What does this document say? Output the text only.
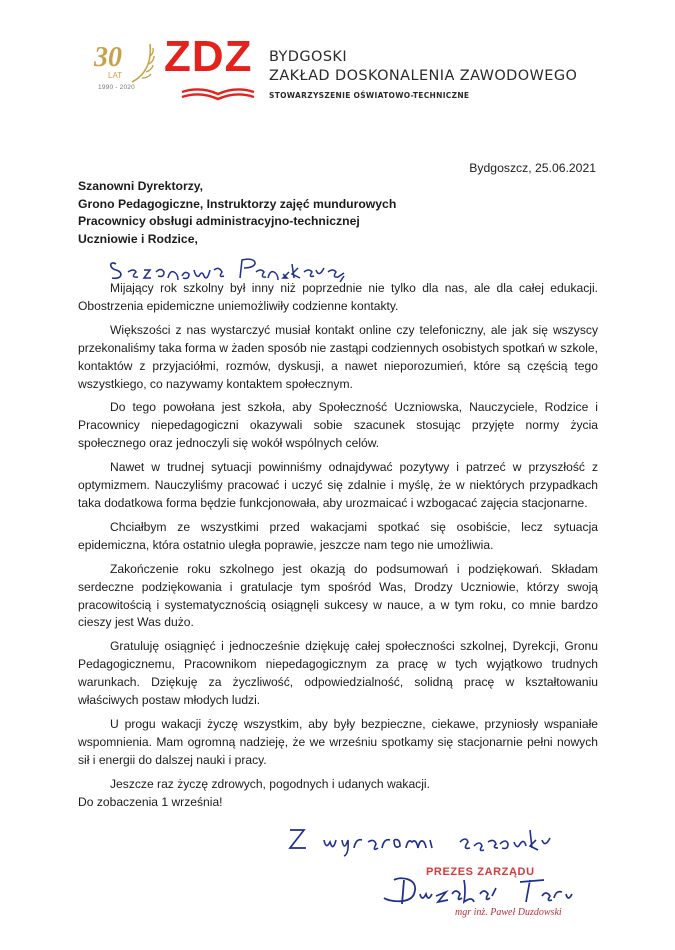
30
LAT
1990 - 2020
ZDZ BYDGOSKI
ZAKŁAD DOSKONALENIA ZAWODOWEGO
STOWARZYSZENIE OŚWIATOWO-TECHNICZNE
Bydgoszcz, 25.06.2021
Szanowni Dyrektorzy,
Grono Pedagogiczne, Instruktorzy zajęć mundurowych
Pracownicy obsługi administracyjno-technicznej
Uczniowie i Rodzice,

Mijający rok szkolny był inny niż poprzednie nie tylko dla nas, ale dla całej edukacji. Obostrzenia epidemiczne uniemożliwiły codzienne kontakty.

Większości z nas wystarczyć musiał kontakt online czy telefoniczny, ale jak się wszyscy przekonaliśmy taka forma w żaden sposób nie zastąpi codziennych osobistych spotkań w szkole, kontaktów z przyjaciółmi, rozmów, dyskusji, a nawet nieporozumień, które są częścią tego wszystkiego, co nazywamy kontaktem społecznym.

Do tego powołana jest szkoła, aby Społeczność Uczniowska, Nauczyciele, Rodzice i Pracownicy niepedagogiczni okazywali sobie szacunek stosując przyjęte normy życia społecznego oraz jednoczyli się wokół wspólnych celów.

Nawet w trudnej sytuacji powinniśmy odnajdywać pozytywy i patrzeć w przyszłość z optymizmem. Nauczyliśmy pracować i uczyć się zdalnie i myślę, że w niektórych przypadkach taka dodatkowa forma będzie funkcjonowała, aby urozmaicać i wzbogacać zajęcia stacjonarne.

Chciałbym ze wszystkimi przed wakacjami spotkać się osobiście, lecz sytuacja epidemiczna, która ostatnio uległa poprawie, jeszcze nam tego nie umożliwia.

Zakończenie roku szkolnego jest okazją do podsumowań i podziękowań. Składam serdeczne podziękowania i gratulacje tym spośród Was, Drodzy Uczniowie, którzy swoją pracowitością i systematycznością osiągnęli sukcesy w nauce, a w tym roku, co mnie bardzo cieszy jest Was dużo.

Gratuluję osiągnięć i jednocześnie dziękuję całej społeczności szkolnej, Dyrekcji, Gronu Pedagogicznemu, Pracownikom niepedagogicznym za pracę w tych wyjątkowo trudnych warunkach. Dziękuję za życzliwość, odpowiedzialność, solidną pracę w kształtowaniu właściwych postaw młodych ludzi.

U progu wakacji życzę wszystkim, aby były bezpieczne, ciekawe, przyniosły wspaniałe wspomnienia. Mam ogromną nadzieję, że we wrześniu spotkamy się stacjonarnie pełni nowych sił i energii do dalszej nauki i pracy.

Jeszcze raz życzę zdrowych, pogodnych i udanych wakacji.

Do zobaczenia 1 września!

PREZES ZARZĄDU
mgr inż. Paweł Duzdowski
